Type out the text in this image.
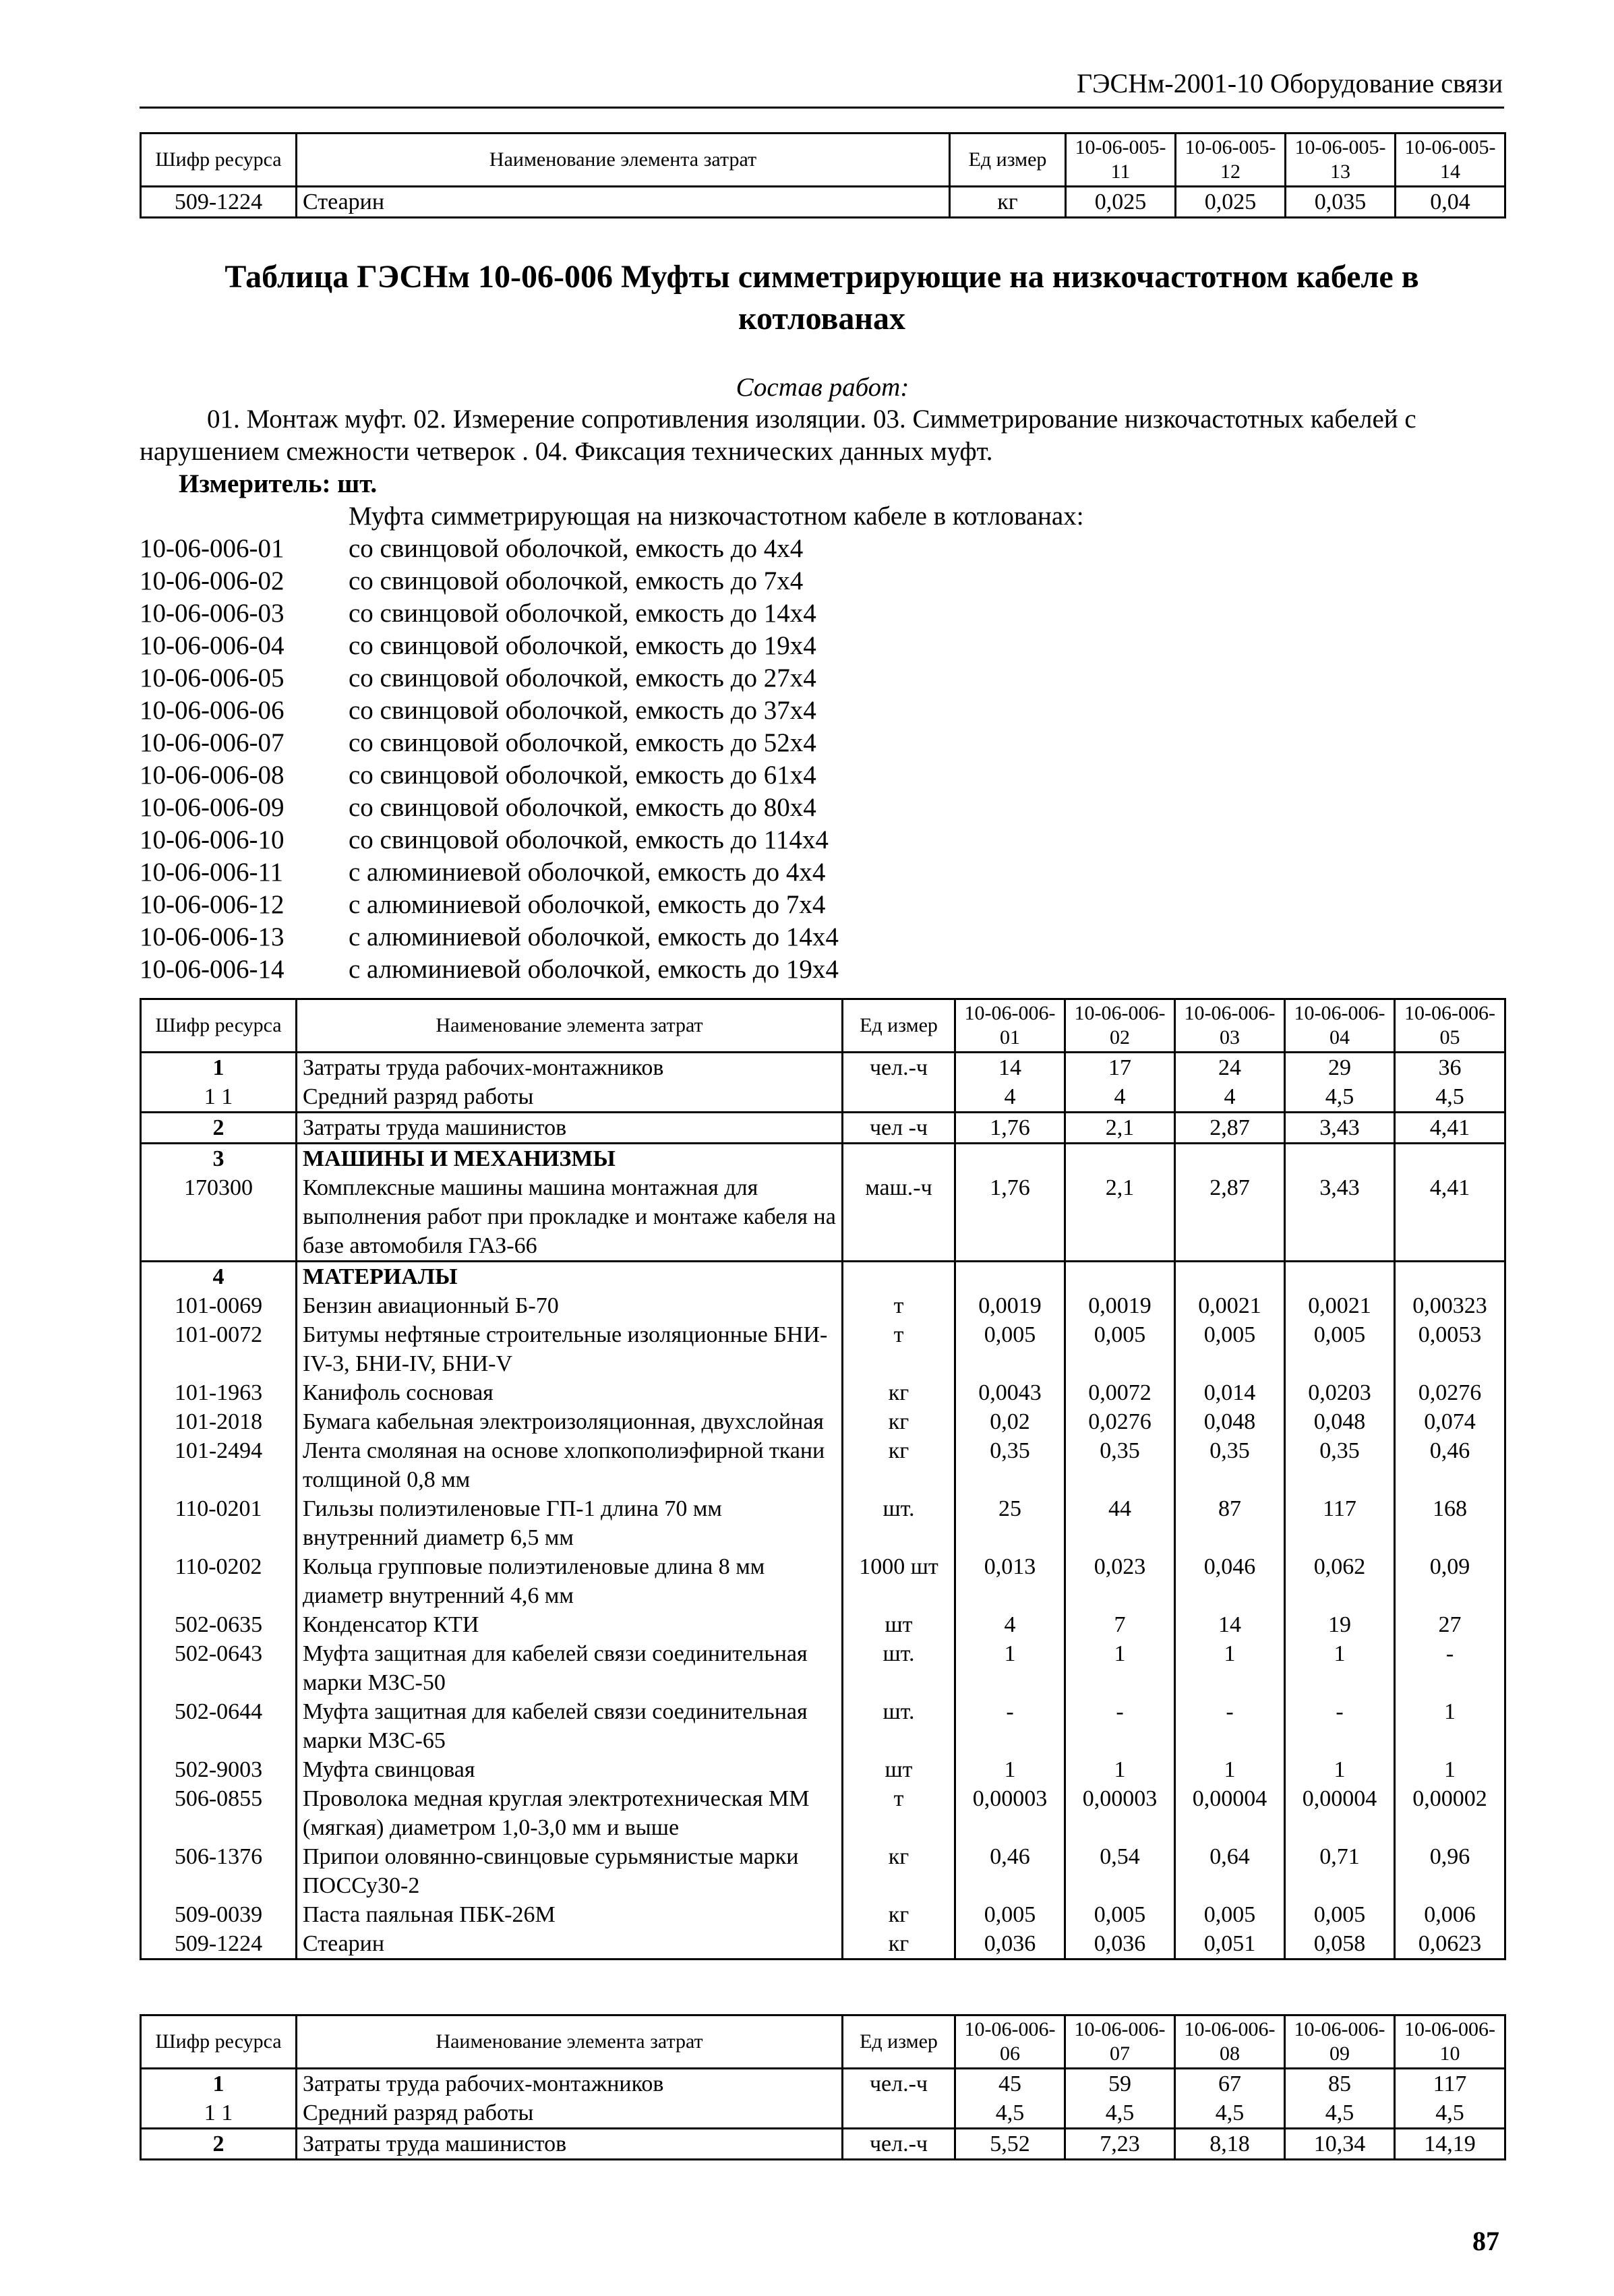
ГЭСНм-2001-10 Оборудование связи
Шифр ресурса	Наименование элемента затрат	Ед измер	10-06-005-11	10-06-005-12	10-06-005-13	10-06-005-14
509-1224	Стеарин	кг	0,025	0,025	0,035	0,04
Таблица ГЭСНм 10-06-006 Муфты симметрирующие на низкочастотном кабеле в котлованах
Состав работ:
01. Монтаж муфт. 02. Измерение сопротивления изоляции. 03. Симметрирование низкочастотных кабелей с нарушением смежности четверок . 04. Фиксация технических данных муфт.
Измеритель: шт.
Муфта симметрирующая на низкочастотном кабеле в котлованах:
10-06-006-01	со свинцовой оболочкой, емкость до 4х4
10-06-006-02	со свинцовой оболочкой, емкость до 7х4
10-06-006-03	со свинцовой оболочкой, емкость до 14х4
10-06-006-04	со свинцовой оболочкой, емкость до 19х4
10-06-006-05	со свинцовой оболочкой, емкость до 27х4
10-06-006-06	со свинцовой оболочкой, емкость до 37х4
10-06-006-07	со свинцовой оболочкой, емкость до 52х4
10-06-006-08	со свинцовой оболочкой, емкость до 61х4
10-06-006-09	со свинцовой оболочкой, емкость до 80х4
10-06-006-10	со свинцовой оболочкой, емкость до 114х4
10-06-006-11	с алюминиевой оболочкой, емкость до 4х4
10-06-006-12	с алюминиевой оболочкой, емкость до 7х4
10-06-006-13	с алюминиевой оболочкой, емкость до 14х4
10-06-006-14	с алюминиевой оболочкой, емкость до 19х4
Шифр ресурса	Наименование элемента затрат	Ед измер	10-06-006-01	10-06-006-02	10-06-006-03	10-06-006-04	10-06-006-05
1	Затраты труда рабочих-монтажников	чел.-ч	14	17	24	29	36
1 1	Средний разряд работы		4	4	4	4,5	4,5
2	Затраты труда машинистов	чел -ч	1,76	2,1	2,87	3,43	4,41
3	МАШИНЫ И МЕХАНИЗМЫ						
170300	Комплексные машины машина монтажная для выполнения работ при прокладке и монтаже кабеля на базе автомобиля ГАЗ-66	маш.-ч	1,76	2,1	2,87	3,43	4,41
4	МАТЕРИАЛЫ						
101-0069	Бензин авиационный Б-70	т	0,0019	0,0019	0,0021	0,0021	0,00323
101-0072	Битумы нефтяные строительные изоляционные БНИ-IV-3, БНИ-IV, БНИ-V	т	0,005	0,005	0,005	0,005	0,0053
101-1963	Канифоль сосновая	кг	0,0043	0,0072	0,014	0,0203	0,0276
101-2018	Бумага кабельная электроизоляционная, двухслойная	кг	0,02	0,0276	0,048	0,048	0,074
101-2494	Лента смоляная на основе хлопкополиэфирной ткани толщиной 0,8 мм	кг	0,35	0,35	0,35	0,35	0,46
110-0201	Гильзы полиэтиленовые ГП-1 длина 70 мм внутренний диаметр 6,5 мм	шт.	25	44	87	117	168
110-0202	Кольца групповые полиэтиленовые длина 8 мм диаметр внутренний 4,6 мм	1000 шт	0,013	0,023	0,046	0,062	0,09
502-0635	Конденсатор КТИ	шт	4	7	14	19	27
502-0643	Муфта защитная для кабелей связи соединительная марки МЗС-50	шт.	1	1	1	1	-
502-0644	Муфта защитная для кабелей связи соединительная марки МЗС-65	шт.	-	-	-	-	1
502-9003	Муфта свинцовая	шт	1	1	1	1	1
506-0855	Проволока медная круглая электротехническая ММ (мягкая) диаметром 1,0-3,0 мм и выше	т	0,00003	0,00003	0,00004	0,00004	0,00002
506-1376	Припои оловянно-свинцовые сурьмянистые марки ПОССу30-2	кг	0,46	0,54	0,64	0,71	0,96
509-0039	Паста паяльная ПБК-26М	кг	0,005	0,005	0,005	0,005	0,006
509-1224	Стеарин	кг	0,036	0,036	0,051	0,058	0,0623
Шифр ресурса	Наименование элемента затрат	Ед измер	10-06-006-06	10-06-006-07	10-06-006-08	10-06-006-09	10-06-006-10
1	Затраты труда рабочих-монтажников	чел.-ч	45	59	67	85	117
1 1	Средний разряд работы		4,5	4,5	4,5	4,5	4,5
2	Затраты труда машинистов	чел.-ч	5,52	7,23	8,18	10,34	14,19
87
